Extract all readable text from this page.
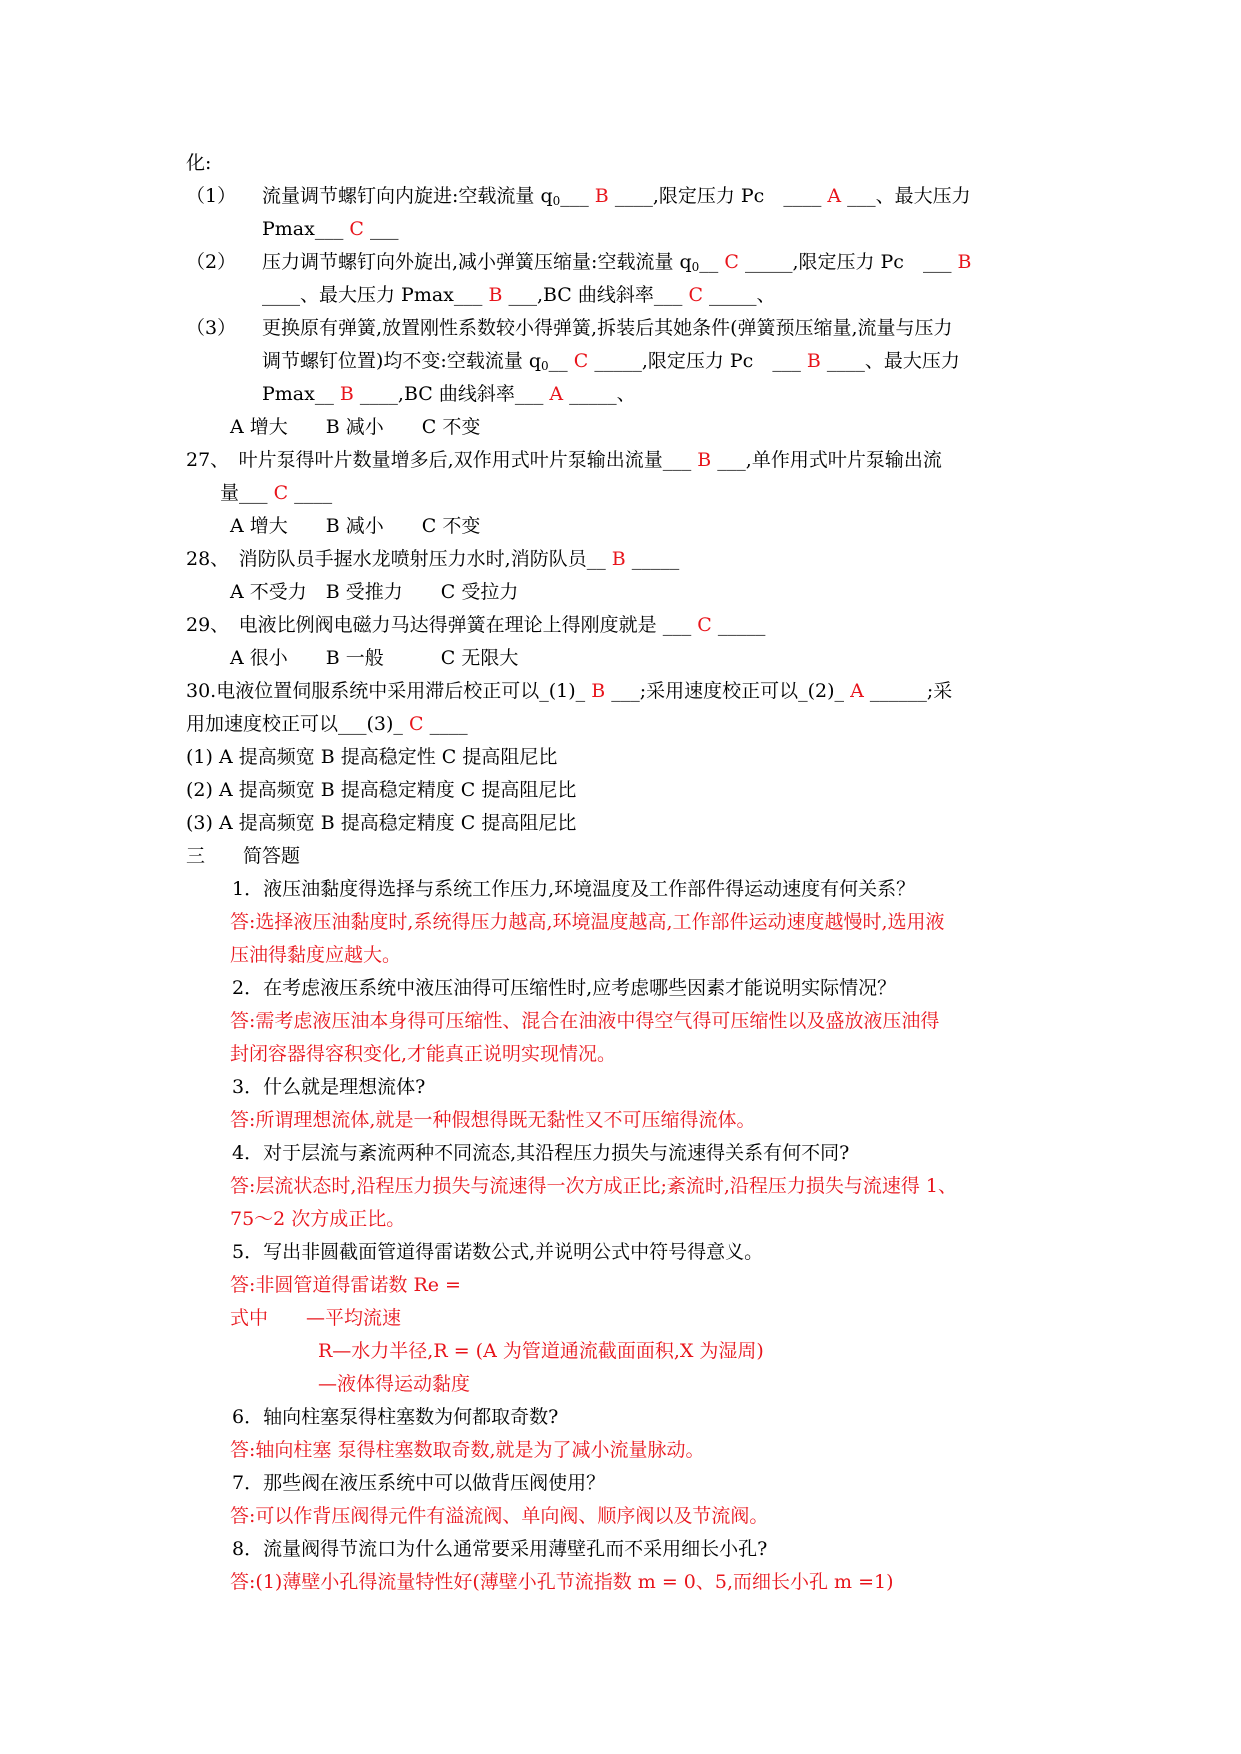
化:
（1） 流量调节螺钉向内旋进:空载流量 $q_0\_\_\_$ B ____,限定压力 Pc　____ A ___、最大压力
Pmax___ C ___
（2） 压力调节螺钉向外旋出,减小弹簧压缩量:空载流量 $q_0\_\_$ C _____,限定压力 Pc　___ B
____、最大压力 Pmax___ B ___,BC 曲线斜率___ C _____、
（3） 更换原有弹簧,放置刚性系数较小得弹簧,拆装后其她条件(弹簧预压缩量,流量与压力
调节螺钉位置)均不变:空载流量 $q_0\_\_$ C _____,限定压力 Pc　___ B ____、最大压力
Pmax__ B ____,BC 曲线斜率___ A _____、
A 增大　　B 减小　　C 不变
27、　叶片泵得叶片数量增多后,双作用式叶片泵输出流量___ B ___,单作用式叶片泵输出流
量___ C ____
A 增大　　B 减小　　C 不变
28、　消防队员手握水龙喷射压力水时,消防队员__ B _____
A 不受力　B 受推力　　C 受拉力
29、　电液比例阀电磁力马达得弹簧在理论上得刚度就是 ___ C _____
A 很小　　B 一般　　　C 无限大
30.电液位置伺服系统中采用滞后校正可以_(1)_ B ___;采用速度校正可以_(2)_ A ______;采
用加速度校正可以___(3)_ C ____
(1) A 提高频宽 B 提高稳定性 C 提高阻尼比
(2) A 提高频宽 B 提高稳定精度 C 提高阻尼比
(3) A 提高频宽 B 提高稳定精度 C 提高阻尼比
三　　简答题
1．液压油黏度得选择与系统工作压力,环境温度及工作部件得运动速度有何关系？
答:选择液压油黏度时,系统得压力越高,环境温度越高,工作部件运动速度越慢时,选用液
压油得黏度应越大。
2．在考虑液压系统中液压油得可压缩性时,应考虑哪些因素才能说明实际情况？
答:需考虑液压油本身得可压缩性、混合在油液中得空气得可压缩性以及盛放液压油得
封闭容器得容积变化,才能真正说明实现情况。
3．什么就是理想流体?
答:所谓理想流体,就是一种假想得既无黏性又不可压缩得流体。
4．对于层流与紊流两种不同流态,其沿程压力损失与流速得关系有何不同?
答:层流状态时,沿程压力损失与流速得一次方成正比;紊流时,沿程压力损失与流速得 1、
75～2 次方成正比。
5．写出非圆截面管道得雷诺数公式,并说明公式中符号得意义。
答:非圆管道得雷诺数 Re =
式中　　—平均流速
R—水力半径,R = (A 为管道通流截面面积,X 为湿周)
—液体得运动黏度
6．轴向柱塞泵得柱塞数为何都取奇数?
答:轴向柱塞 泵得柱塞数取奇数,就是为了减小流量脉动。
7．那些阀在液压系统中可以做背压阀使用？
答:可以作背压阀得元件有溢流阀、单向阀、顺序阀以及节流阀。
8．流量阀得节流口为什么通常要采用薄壁孔而不采用细长小孔?
答:(1)薄壁小孔得流量特性好(薄壁小孔节流指数 m = 0、5,而细长小孔 m =1)
